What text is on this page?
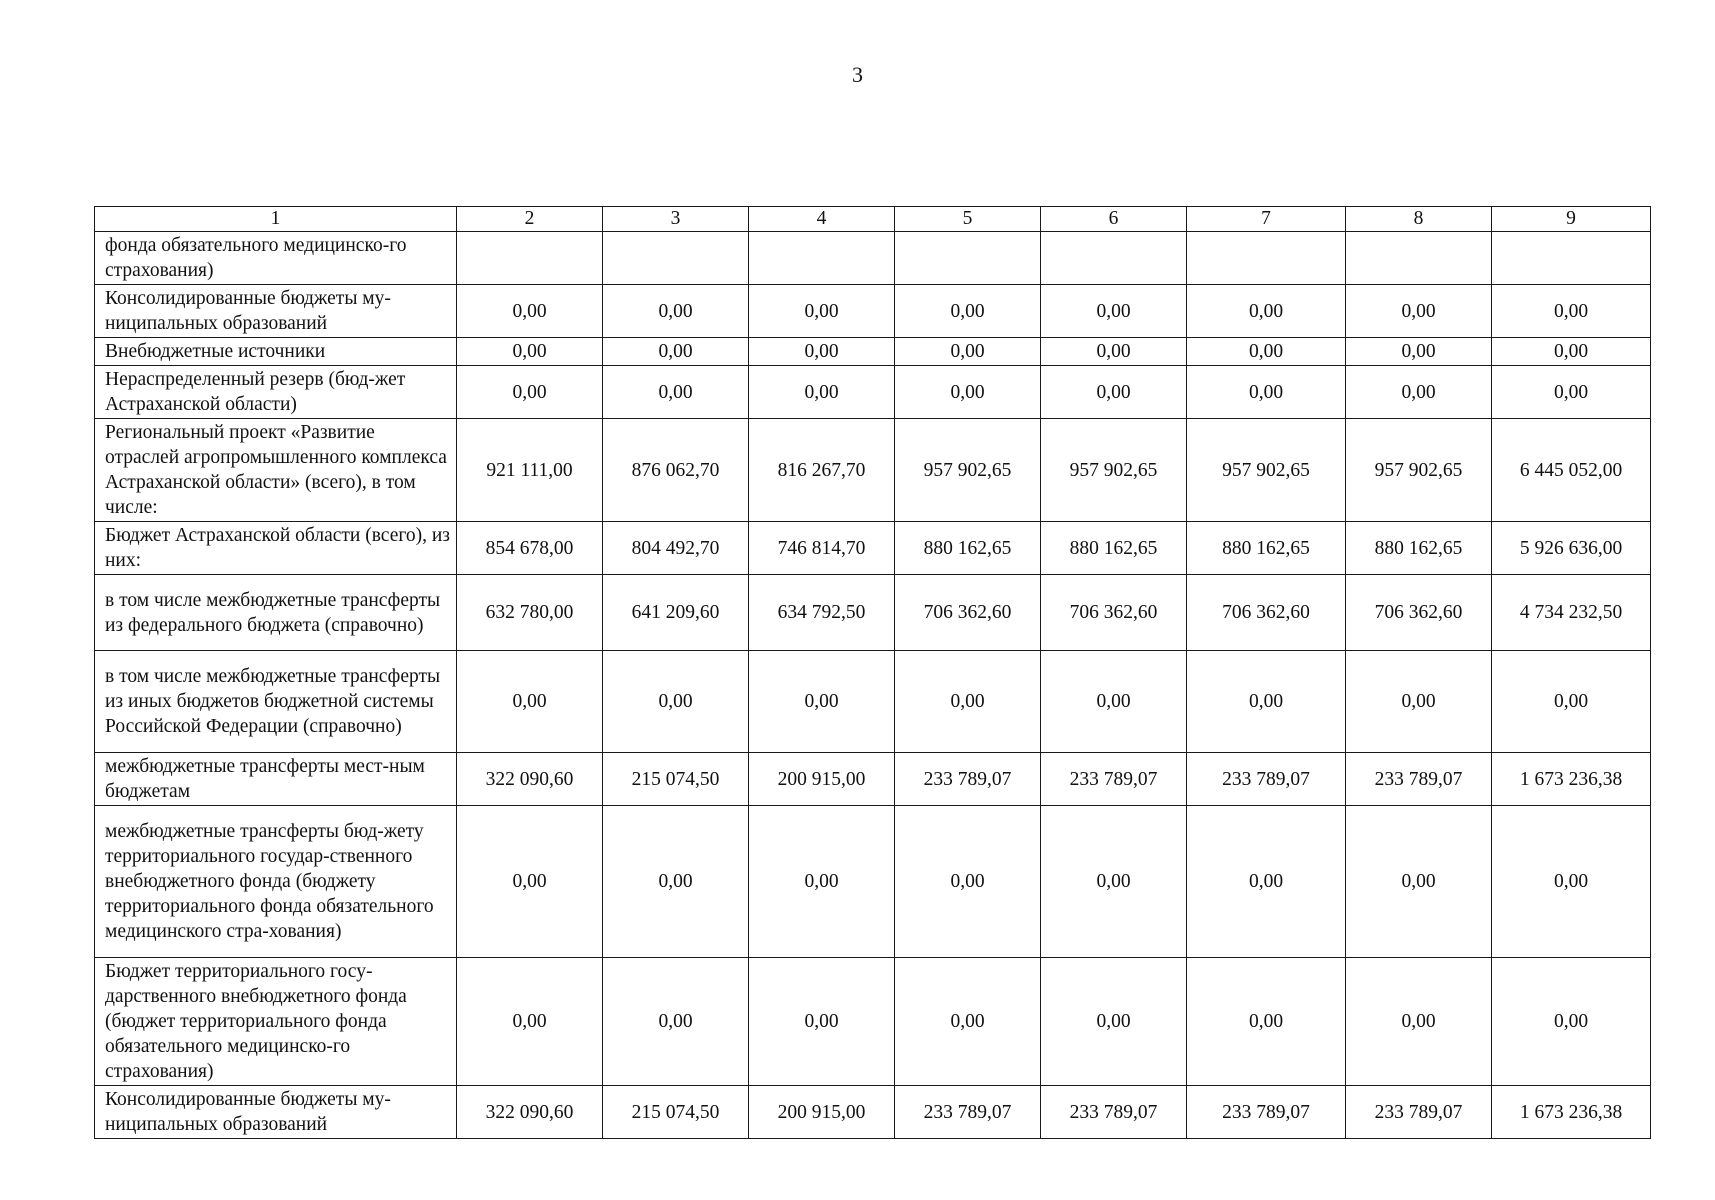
3
1	2	3	4	5	6	7	8	9
фонда обязательного медицинско-го страхования)								
Консолидированные бюджеты му-ниципальных образований	0,00	0,00	0,00	0,00	0,00	0,00	0,00	0,00
Внебюджетные источники	0,00	0,00	0,00	0,00	0,00	0,00	0,00	0,00
Нераспределенный резерв (бюд-жет Астраханской области)	0,00	0,00	0,00	0,00	0,00	0,00	0,00	0,00
Региональный проект «Развитие отраслей агропромышленного комплекса Астраханской области» (всего), в том числе:	921 111,00	876 062,70	816 267,70	957 902,65	957 902,65	957 902,65	957 902,65	6 445 052,00
Бюджет Астраханской области (всего), из них:	854 678,00	804 492,70	746 814,70	880 162,65	880 162,65	880 162,65	880 162,65	5 926 636,00
в том числе межбюджетные трансферты из федерального бюджета (справочно)	632 780,00	641 209,60	634 792,50	706 362,60	706 362,60	706 362,60	706 362,60	4 734 232,50
в том числе межбюджетные трансферты из иных бюджетов бюджетной системы Российской Федерации (справочно)	0,00	0,00	0,00	0,00	0,00	0,00	0,00	0,00
межбюджетные трансферты мест-ным бюджетам	322 090,60	215 074,50	200 915,00	233 789,07	233 789,07	233 789,07	233 789,07	1 673 236,38
межбюджетные трансферты бюд-жету территориального государ-ственного внебюджетного фонда (бюджету территориального фонда обязательного медицинского стра-хования)	0,00	0,00	0,00	0,00	0,00	0,00	0,00	0,00
Бюджет территориального госу-дарственного внебюджетного фонда (бюджет территориального фонда обязательного медицинско-го страхования)	0,00	0,00	0,00	0,00	0,00	0,00	0,00	0,00
Консолидированные бюджеты му-ниципальных образований	322 090,60	215 074,50	200 915,00	233 789,07	233 789,07	233 789,07	233 789,07	1 673 236,38
